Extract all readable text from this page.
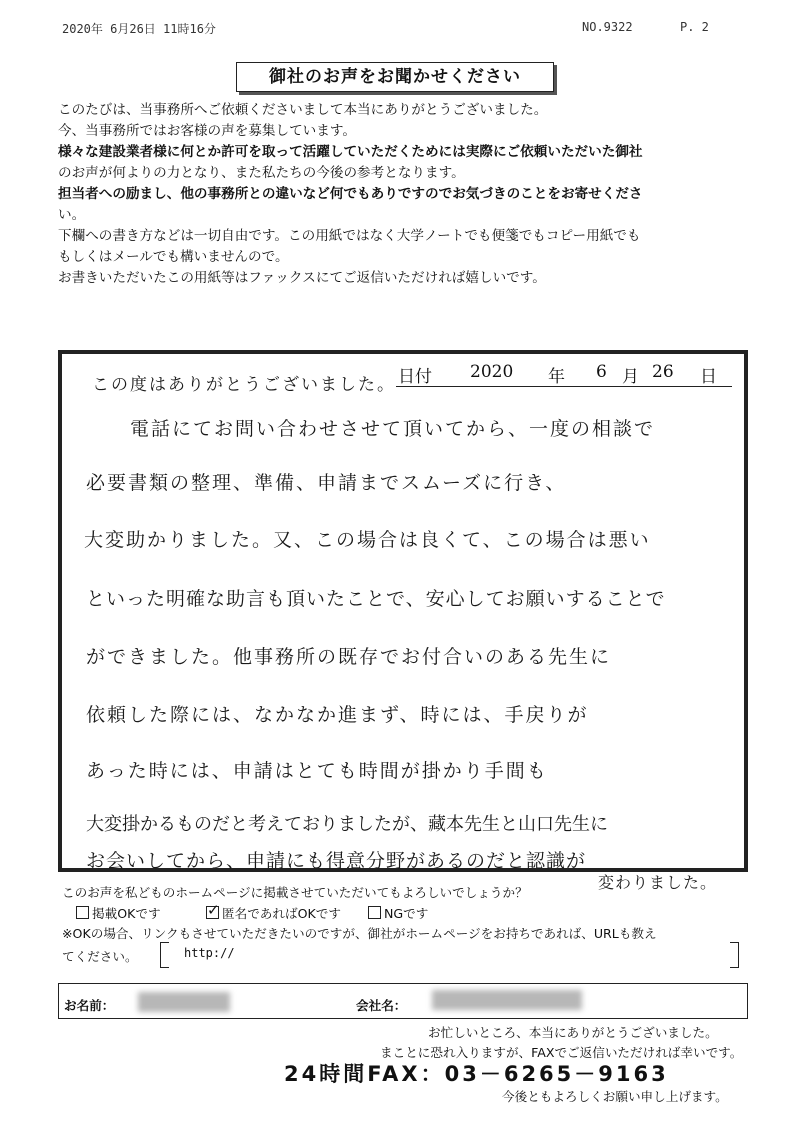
2020年 6月26日 11時16分	NO.9322	P. 2
御社のお声をお聞かせください
このたびは、当事務所へご依頼くださいまして本当にありがとうございました。
今、当事務所ではお客様の声を募集しています。
様々な建設業者様に何とか許可を取って活躍していただくためには実際にご依頼いただいた御社
のお声が何よりの力となり、また私たちの今後の参考となります。
担当者への励まし、他の事務所との違いなど何でもありですのでお気づきのことをお寄せくださ
い。
下欄への書き方などは一切自由です。この用紙ではなく大学ノートでも便箋でもコピー用紙でも
もしくはメールでも構いませんので。
お書きいただいたこの用紙等はファックスにてご返信いただければ嬉しいです。
日付 2020 年 6 月 26 日
この度はありがとうございました。
電話にてお問い合わせさせて頂いてから、一度の相談で
必要書類の整理、準備、申請までスムーズに行き、
大変助かりました。又、この場合は良くて、この場合は悪い
といった明確な助言も頂いたことで、安心してお願いすることで
ができました。他事務所の既存でお付合いのある先生に
依頼した際には、なかなか進まず、時には、手戻りが
あった時には、申請はとても時間が掛かり手間も
大変掛かるものだと考えておりましたが、藏本先生と山口先生に
お会いしてから、申請にも得意分野があるのだと認識が
変わりました。
このお声を私どものホームページに掲載させていただいてもよろしいでしょうか？
掲載OKです
✓	匿名であればOKです	NGです
※OKの場合、リンクもさせていただきたいのですが、御社がホームページをお持ちであれば、URLも教え
てください。	http://
お名前：	会社名：
お忙しいところ、本当にありがとうございました。
まことに恐れ入りますが、FAXでご返信いただければ幸いです。
24時間FAX：03－6265－9163
今後ともよろしくお願い申し上げます。
